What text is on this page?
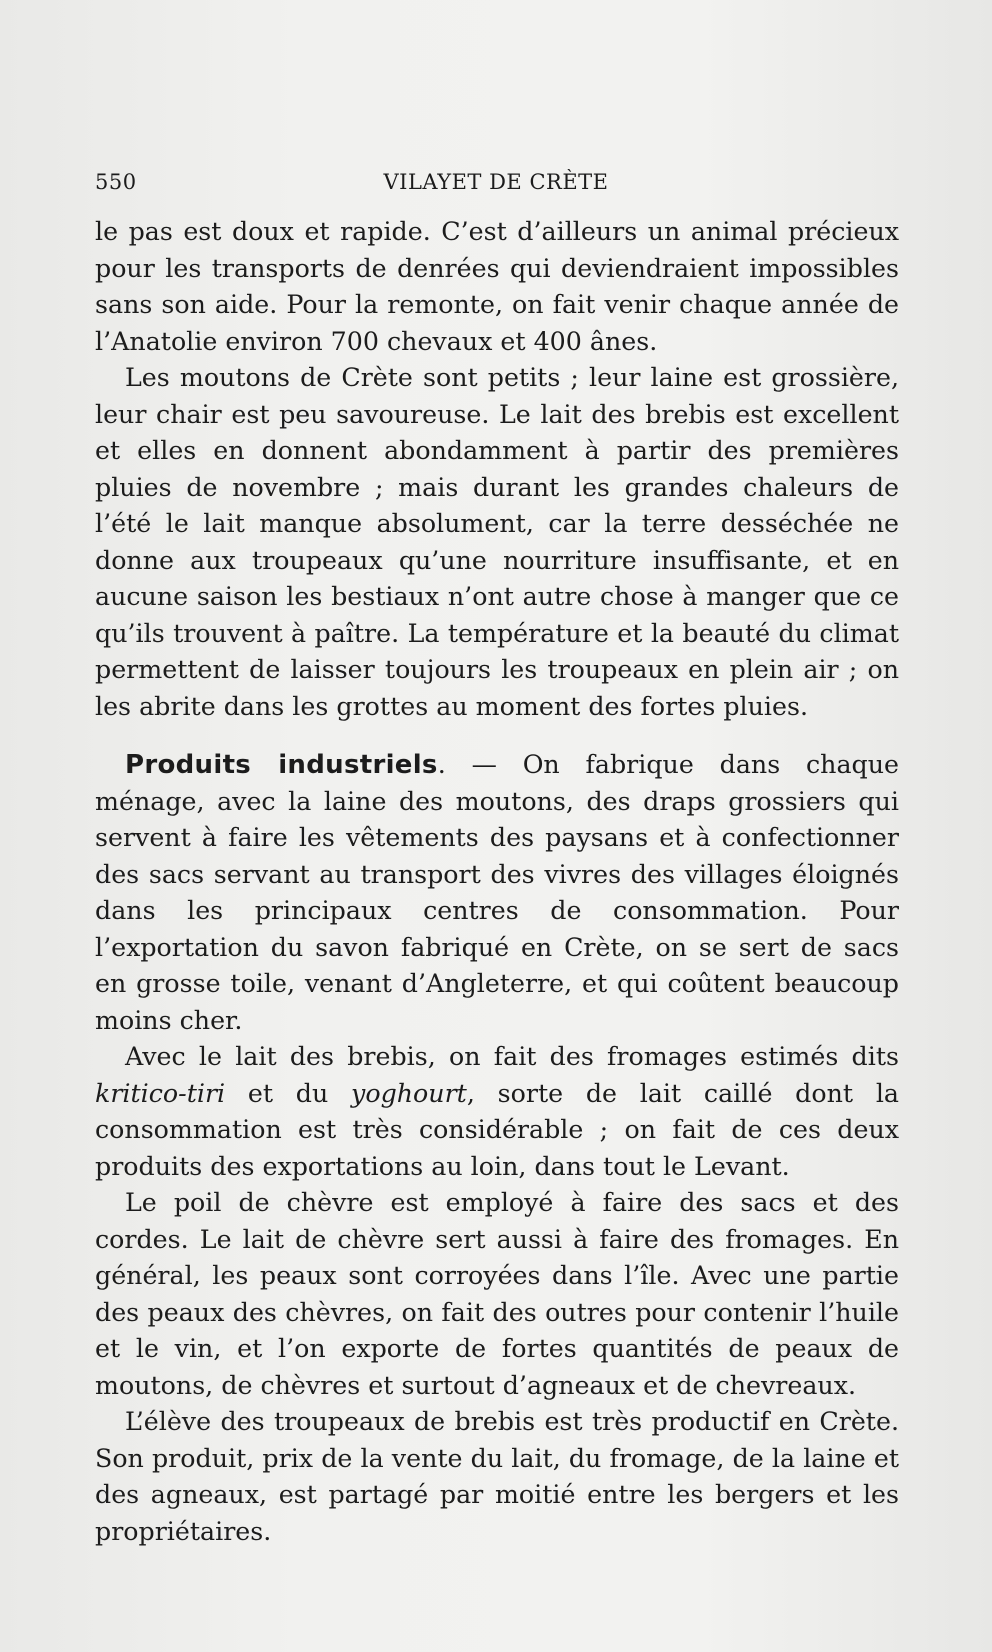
550	VILAYET DE CRÈTE

le pas est doux et rapide. C’est d’ailleurs un animal précieux pour les transports de denrées qui deviendraient impossibles sans son aide. Pour la remonte, on fait venir chaque année de l’Anatolie environ 700 chevaux et 400 ânes.

Les moutons de Crète sont petits ; leur laine est grossière, leur chair est peu savoureuse. Le lait des brebis est excellent et elles en donnent abondamment à partir des premières pluies de novembre ; mais durant les grandes chaleurs de l’été le lait manque absolument, car la terre desséchée ne donne aux troupeaux qu’une nourriture insuffisante, et en aucune saison les bestiaux n’ont autre chose à manger que ce qu’ils trouvent à paître. La température et la beauté du climat permettent de laisser toujours les troupeaux en plein air ; on les abrite dans les grottes au moment des fortes pluies.

Produits industriels. — On fabrique dans chaque ménage, avec la laine des moutons, des draps grossiers qui servent à faire les vêtements des paysans et à confectionner des sacs servant au transport des vivres des villages éloignés dans les principaux centres de consommation. Pour l’exportation du savon fabriqué en Crète, on se sert de sacs en grosse toile, venant d’Angleterre, et qui coûtent beaucoup moins cher.

Avec le lait des brebis, on fait des fromages estimés dits kritico-tiri et du yoghourt, sorte de lait caillé dont la consommation est très considérable ; on fait de ces deux produits des exportations au loin, dans tout le Levant.

Le poil de chèvre est employé à faire des sacs et des cordes. Le lait de chèvre sert aussi à faire des fromages. En général, les peaux sont corroyées dans l’île. Avec une partie des peaux des chèvres, on fait des outres pour contenir l’huile et le vin, et l’on exporte de fortes quantités de peaux de moutons, de chèvres et surtout d’agneaux et de chevreaux.

L’élève des troupeaux de brebis est très productif en Crète. Son produit, prix de la vente du lait, du fromage, de la laine et des agneaux, est partagé par moitié entre les bergers et les propriétaires.
